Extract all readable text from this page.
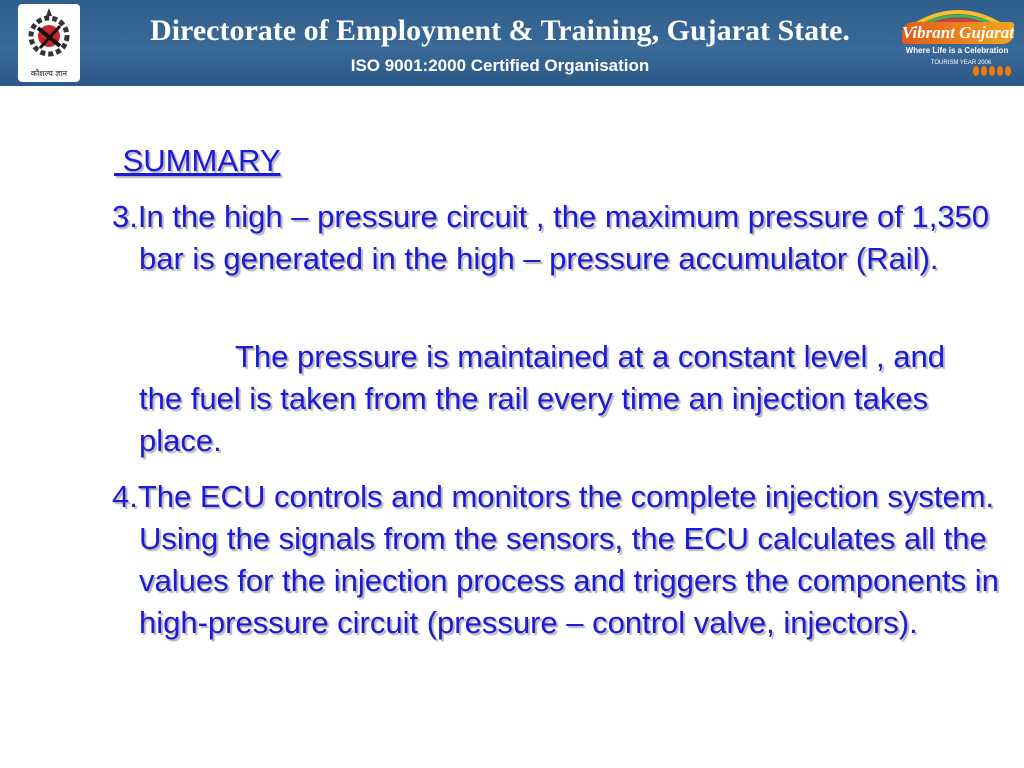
कौशल्य ज्ञान
Directorate of Employment & Training, Gujarat State.
ISO 9001:2000 Certified Organisation
Vibrant Gujarat
Where Life is a Celebration
TOURISM YEAR 2006
SUMMARY
3.In the high – pressure circuit , the maximum pressure of 1,350 bar is generated in the high – pressure accumulator (Rail).
The pressure is maintained at a constant level , and the fuel is taken from the rail every time an injection takes place.
4.The ECU controls and monitors the complete injection system. Using the signals from the sensors, the ECU calculates all the values for the injection process and triggers the components in high-pressure circuit (pressure – control valve, injectors).
